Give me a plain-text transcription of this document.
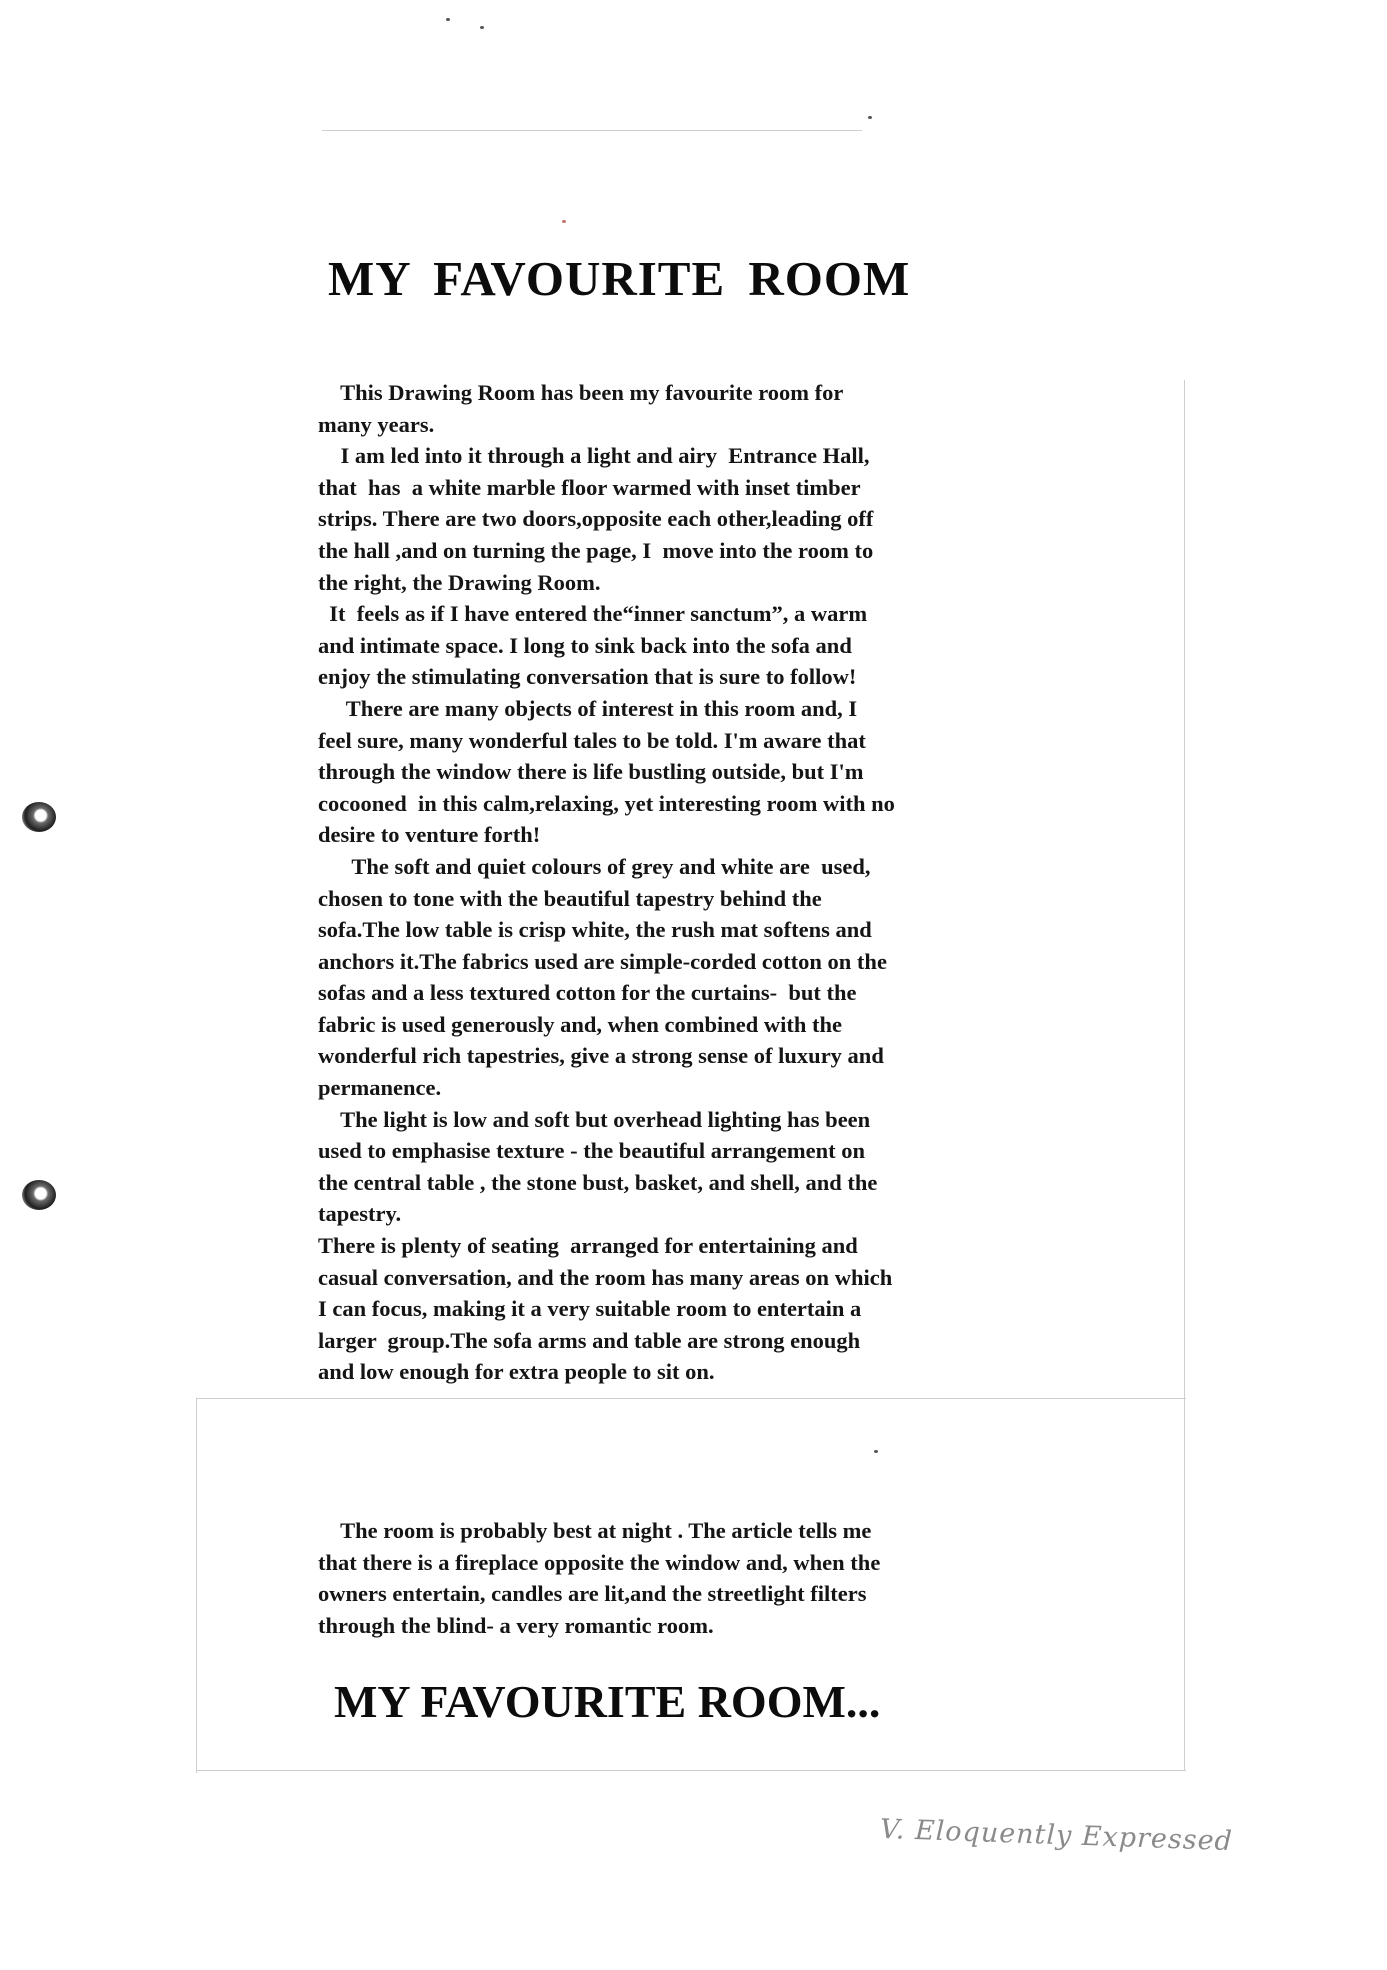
MY FAVOURITE ROOM
This Drawing Room has been my favourite room for
many years.
I am led into it through a light and airy  Entrance Hall,
that  has  a white marble floor warmed with inset timber
strips. There are two doors,opposite each other,leading off
the hall ,and on turning the page, I  move into the room to
the right, the Drawing Room.
It  feels as if I have entered the“inner sanctum”, a warm
and intimate space. I long to sink back into the sofa and
enjoy the stimulating conversation that is sure to follow!
There are many objects of interest in this room and, I
feel sure, many wonderful tales to be told. I'm aware that
through the window there is life bustling outside, but I'm
cocooned  in this calm,relaxing, yet interesting room with no
desire to venture forth!
The soft and quiet colours of grey and white are  used,
chosen to tone with the beautiful tapestry behind the
sofa.The low table is crisp white, the rush mat softens and
anchors it.The fabrics used are simple-corded cotton on the
sofas and a less textured cotton for the curtains-  but the
fabric is used generously and, when combined with the
wonderful rich tapestries, give a strong sense of luxury and
permanence.
The light is low and soft but overhead lighting has been
used to emphasise texture - the beautiful arrangement on
the central table , the stone bust, basket, and shell, and the
tapestry.
There is plenty of seating  arranged for entertaining and
casual conversation, and the room has many areas on which
I can focus, making it a very suitable room to entertain a
larger  group.The sofa arms and table are strong enough
and low enough for extra people to sit on.
The room is probably best at night . The article tells me
that there is a fireplace opposite the window and, when the
owners entertain, candles are lit,and the streetlight filters
through the blind- a very romantic room.
MY FAVOURITE ROOM...
V. Eloquently Expressed
